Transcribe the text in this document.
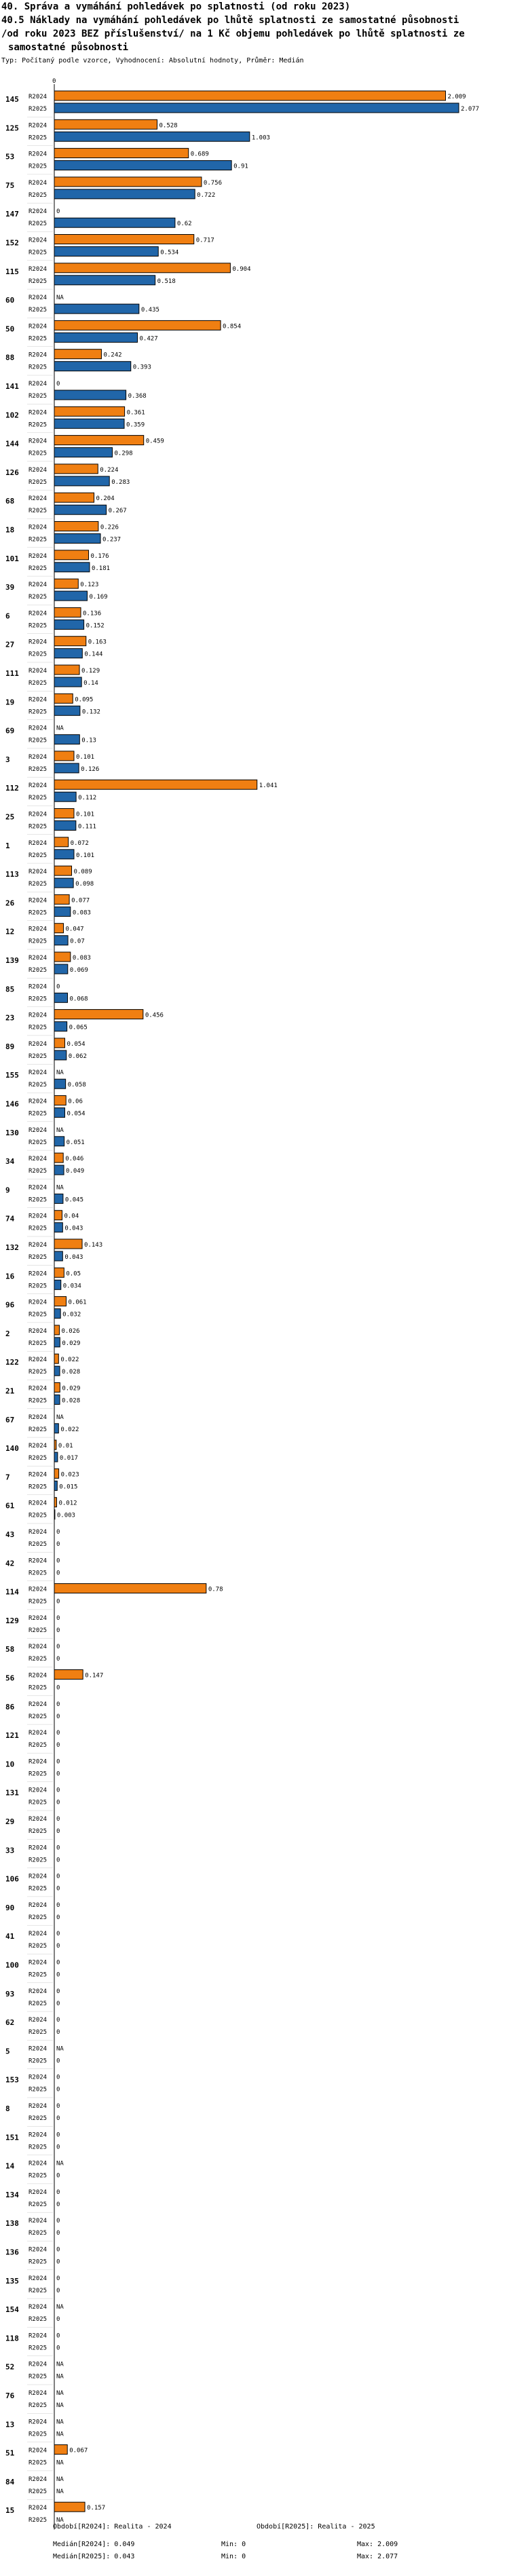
40. Správa a vymáhání pohledávek po splatnosti (od roku 2023)
40.5 Náklady na vymáhání pohledávek po lhůtě splatnosti ze samostatné působnosti
/od roku 2023 BEZ příslušenství/ na 1 Kč objemu pohledávek po lhůtě splatnosti ze
samostatné působnosti
Typ: Počítaný podle vzorce, Vyhodnocení: Absolutní hodnoty, Průměr: Medián
0
145 R2024	2.009
R2025	2.077
125 R2024	0.528
R2025	1.003
53 R2024	0.689
R2025	0.91
75 R2024	0.756
R2025	0.722
147 R2024 0
R2025	0.62
152 R2024	0.717
R2025	0.534
115 R2024	0.904
R2025	0.518
60 R2024 NA
R2025	0.435
50 R2024	0.854
R2025	0.427
88 R2024	0.242
R2025	0.393
141 R2024 0
R2025	0.368
102 R2024	0.361
R2025	0.359
144 R2024	0.459
R2025	0.298
126 R2024	0.224
R2025	0.283
68 R2024	0.204
R2025	0.267
18 R2024	0.226
R2025	0.237
101 R2024	0.176
R2025	0.181
39 R2024	0.123
R2025	0.169
6	R2024	0.136
R2025	0.152
27 R2024	0.163
R2025	0.144
111 R2024	0.129
R2025	0.14
19 R2024	0.095
R2025	0.132
69 R2024 NA
R2025	0.13
3	R2024	0.101
R2025	0.126
112 R2024	1.041
R2025	0.112
25 R2024	0.101
R2025	0.111
1	R2024	0.072
R2025	0.101
113 R2024	0.089
R2025	0.098
26 R2024	0.077
R2025	0.083
12 R2024	0.047
R2025	0.07
139 R2024	0.083
R2025	0.069
85 R2024 0
R2025	0.068
23 R2024	0.456
R2025	0.065
89 R2024	0.054
R2025	0.062
155 R2024 NA
R2025	0.058
146 R2024	0.06
R2025	0.054
130 R2024 NA
R2025	0.051
34 R2024	0.046
R2025	0.049
9	R2024 NA
R2025	0.045
74 R2024	0.04
R2025	0.043
132 R2024	0.143
R2025	0.043
16 R2024	0.05
R2025	0.034
96 R2024	0.061
R2025	0.032
2	R2024 0.026
R2025 0.029
122 R2024 0.022
R2025 0.028
21 R2024 0.029
R2025 0.028
67 R2024 NA
R2025 0.022
140 R2024 0.01
R2025 0.017
7	R2024 0.023
R2025 0.015
61 R2024 0.012
R2025 0.003
43 R2024 0
R2025 0
42 R2024 0
R2025 0
114 R2024	0.78
R2025 0
129 R2024 0
R2025 0
58 R2024 0
R2025 0
56 R2024	0.147
R2025 0
86 R2024 0
R2025 0
121 R2024 0
R2025 0
10 R2024 0
R2025 0
131 R2024 0
R2025 0
29 R2024 0
R2025 0
33 R2024 0
R2025 0
106 R2024 0
R2025 0
90 R2024 0
R2025 0
41 R2024 0
R2025 0
100 R2024 0
R2025 0
93 R2024 0
R2025 0
62 R2024 0
R2025 0
5	R2024 NA
R2025 0
153 R2024 0
R2025 0
8	R2024 0
R2025 0
151 R2024 0
R2025 0
14 R2024 NA
R2025 0
134 R2024 0
R2025 0
138 R2024 0
R2025 0
136 R2024 0
R2025 0
135 R2024 0
R2025 0
154 R2024 NA
R2025 0
118 R2024 0
R2025 0
52 R2024 NA
R2025 NA
76 R2024 NA
R2025 NA
13 R2024 NA
R2025 NA
51 R2024	0.067
R2025 NA
84 R2024 NA
R2025 NA
15 R2024	0.157
R2025 NA
Období[R2024]: Realita - 2024	Období[R2025]: Realita - 2025
Medián[R2024]: 0.049	Min: 0	Max: 2.009
Medián[R2025]: 0.043	Min: 0	Max: 2.077
